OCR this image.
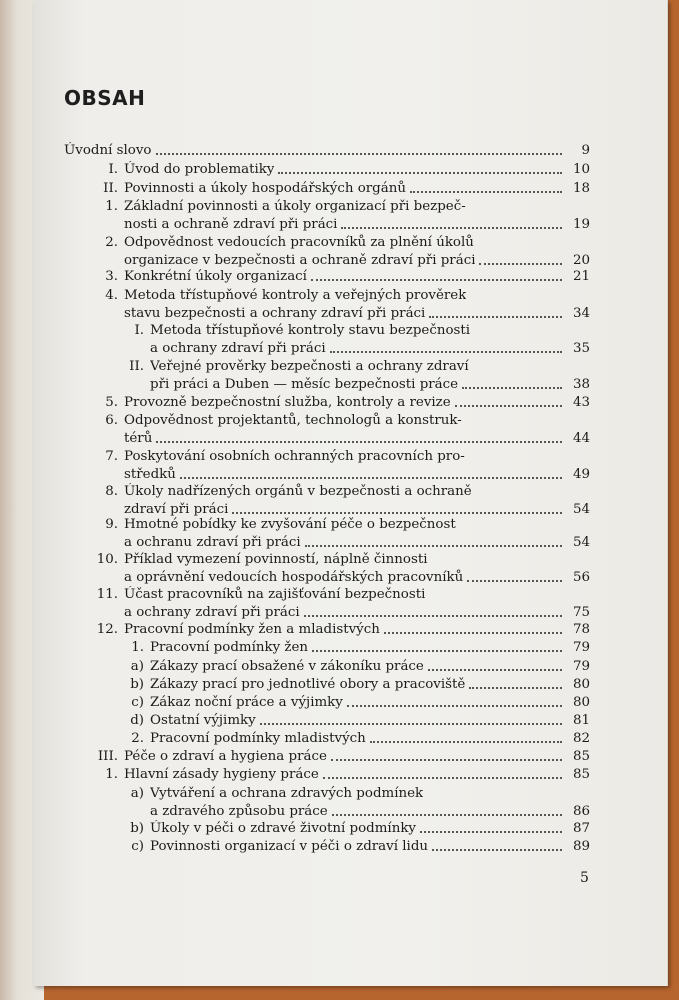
OBSAH
Úvodní slovo	9
I. Úvod do problematiky	10
II. Povinnosti a úkoly hospodářských orgánů	18
1. Základní povinnosti a úkoly organizací při bezpeč-
nosti a ochraně zdraví při práci	19
2. Odpovědnost vedoucích pracovníků za plnění úkolů
organizace v bezpečnosti a ochraně zdraví při práci	20
3. Konkrétní úkoly organizací	21
4. Metoda třístupňové kontroly a veřejných prověrek
stavu bezpečnosti a ochrany zdraví při práci	34
I. Metoda třístupňové kontroly stavu bezpečnosti
a ochrany zdraví při práci	35
II. Veřejné prověrky bezpečnosti a ochrany zdraví
při práci a Duben — měsíc bezpečnosti práce	38
5. Provozně bezpečnostní služba, kontroly a revize	43
6. Odpovědnost projektantů, technologů a konstruk-
térů	44
7. Poskytování osobních ochranných pracovních pro-
středků	49
8. Úkoly nadřízených orgánů v bezpečnosti a ochraně
zdraví při práci	54
9. Hmotné pobídky ke zvyšování péče o bezpečnost
a ochranu zdraví při práci	54
10. Příklad vymezení povinností, náplně činnosti
a oprávnění vedoucích hospodářských pracovníků	56
11. Účast pracovníků na zajišťování bezpečnosti
a ochrany zdraví při práci	75
12. Pracovní podmínky žen a mladistvých	78
1. Pracovní podmínky žen	79
a) Zákazy prací obsažené v zákoníku práce	79
b) Zákazy prací pro jednotlivé obory a pracoviště	80
c) Zákaz noční práce a výjimky	80
d) Ostatní výjimky	81
2. Pracovní podmínky mladistvých	82
III. Péče o zdraví a hygiena práce	85
1. Hlavní zásady hygieny práce	85
a) Vytváření a ochrana zdravých podmínek
a zdravého způsobu práce	86
b) Úkoly v péči o zdravé životní podmínky	87
c) Povinnosti organizací v péči o zdraví lidu	89
5
